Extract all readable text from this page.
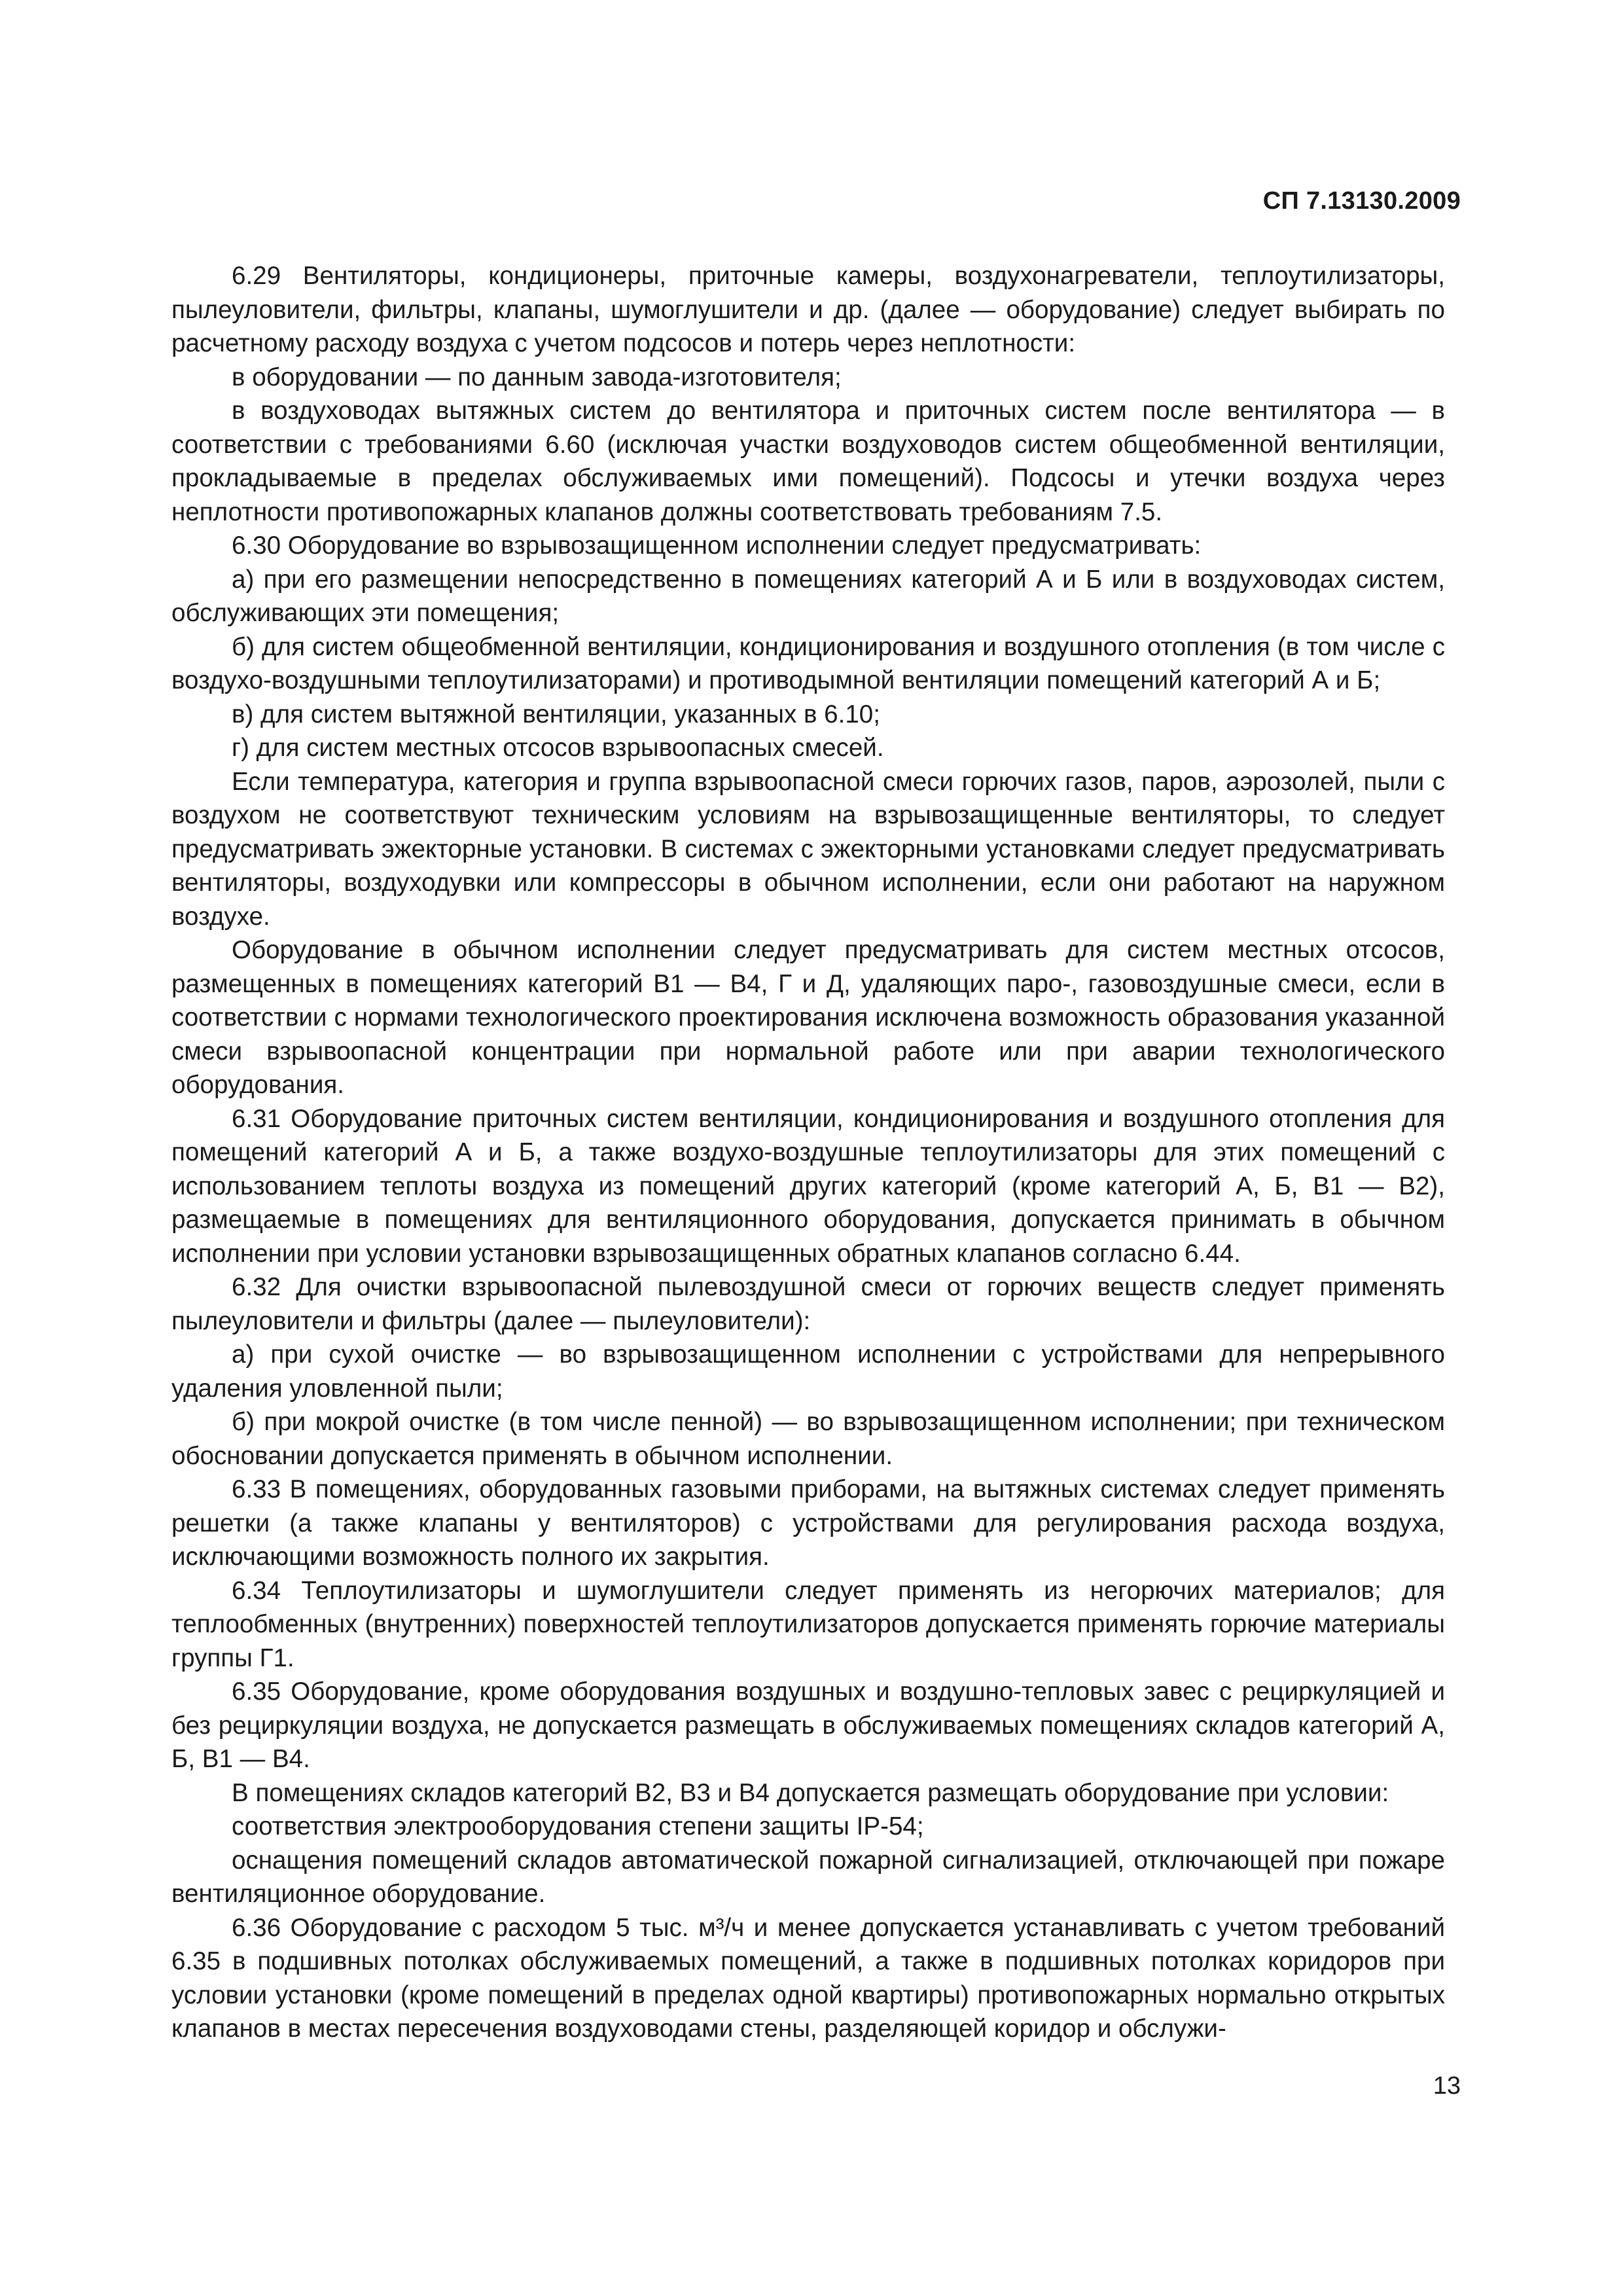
СП 7.13130.2009

6.29 Вентиляторы, кондиционеры, приточные камеры, воздухонагреватели, теплоутилизаторы, пылеуловители, фильтры, клапаны, шумоглушители и др. (далее — оборудование) следует выбирать по расчетному расходу воздуха с учетом подсосов и потерь через неплотности:

в оборудовании — по данным завода-изготовителя;

в воздуховодах вытяжных систем до вентилятора и приточных систем после вентилятора — в соответствии с требованиями 6.60 (исключая участки воздуховодов систем общеобменной вентиляции, прокладываемые в пределах обслуживаемых ими помещений). Подсосы и утечки воздуха через неплотности противопожарных клапанов должны соответствовать требованиям 7.5.

6.30 Оборудование во взрывозащищенном исполнении следует предусматривать:

а) при его размещении непосредственно в помещениях категорий А и Б или в воздуховодах систем, обслуживающих эти помещения;

б) для систем общеобменной вентиляции, кондиционирования и воздушного отопления (в том числе с воздухо-воздушными теплоутилизаторами) и противодымной вентиляции помещений категорий А и Б;

в) для систем вытяжной вентиляции, указанных в 6.10;

г) для систем местных отсосов взрывоопасных смесей.

Если температура, категория и группа взрывоопасной смеси горючих газов, паров, аэрозолей, пыли с воздухом не соответствуют техническим условиям на взрывозащищенные вентиляторы, то следует предусматривать эжекторные установки. В системах с эжекторными установками следует предусматривать вентиляторы, воздуходувки или компрессоры в обычном исполнении, если они работают на наружном воздухе.

Оборудование в обычном исполнении следует предусматривать для систем местных отсосов, размещенных в помещениях категорий В1 — В4, Г и Д, удаляющих паро-, газовоздушные смеси, если в соответствии с нормами технологического проектирования исключена возможность образования указанной смеси взрывоопасной концентрации при нормальной работе или при аварии технологического оборудования.

6.31 Оборудование приточных систем вентиляции, кондиционирования и воздушного отопления для помещений категорий А и Б, а также воздухо-воздушные теплоутилизаторы для этих помещений с использованием теплоты воздуха из помещений других категорий (кроме категорий А, Б, В1 — В2), размещаемые в помещениях для вентиляционного оборудования, допускается принимать в обычном исполнении при условии установки взрывозащищенных обратных клапанов согласно 6.44.

6.32 Для очистки взрывоопасной пылевоздушной смеси от горючих веществ следует применять пылеуловители и фильтры (далее — пылеуловители):

а) при сухой очистке — во взрывозащищенном исполнении с устройствами для непрерывного удаления уловленной пыли;

б) при мокрой очистке (в том числе пенной) — во взрывозащищенном исполнении; при техническом обосновании допускается применять в обычном исполнении.

6.33 В помещениях, оборудованных газовыми приборами, на вытяжных системах следует применять решетки (а также клапаны у вентиляторов) с устройствами для регулирования расхода воздуха, исключающими возможность полного их закрытия.

6.34 Теплоутилизаторы и шумоглушители следует применять из негорючих материалов; для теплообменных (внутренних) поверхностей теплоутилизаторов допускается применять горючие материалы группы Г1.

6.35 Оборудование, кроме оборудования воздушных и воздушно-тепловых завес с рециркуляцией и без рециркуляции воздуха, не допускается размещать в обслуживаемых помещениях складов категорий А, Б, В1 — В4.

В помещениях складов категорий В2, В3 и В4 допускается размещать оборудование при условии:

соответствия электрооборудования степени защиты IP-54;

оснащения помещений складов автоматической пожарной сигнализацией, отключающей при пожаре вентиляционное оборудование.

6.36 Оборудование с расходом 5 тыс. м³/ч и менее допускается устанавливать с учетом требований 6.35 в подшивных потолках обслуживаемых помещений, а также в подшивных потолках коридоров при условии установки (кроме помещений в пределах одной квартиры) противопожарных нормально открытых клапанов в местах пересечения воздуховодами стены, разделяющей коридор и обслужи-

13
